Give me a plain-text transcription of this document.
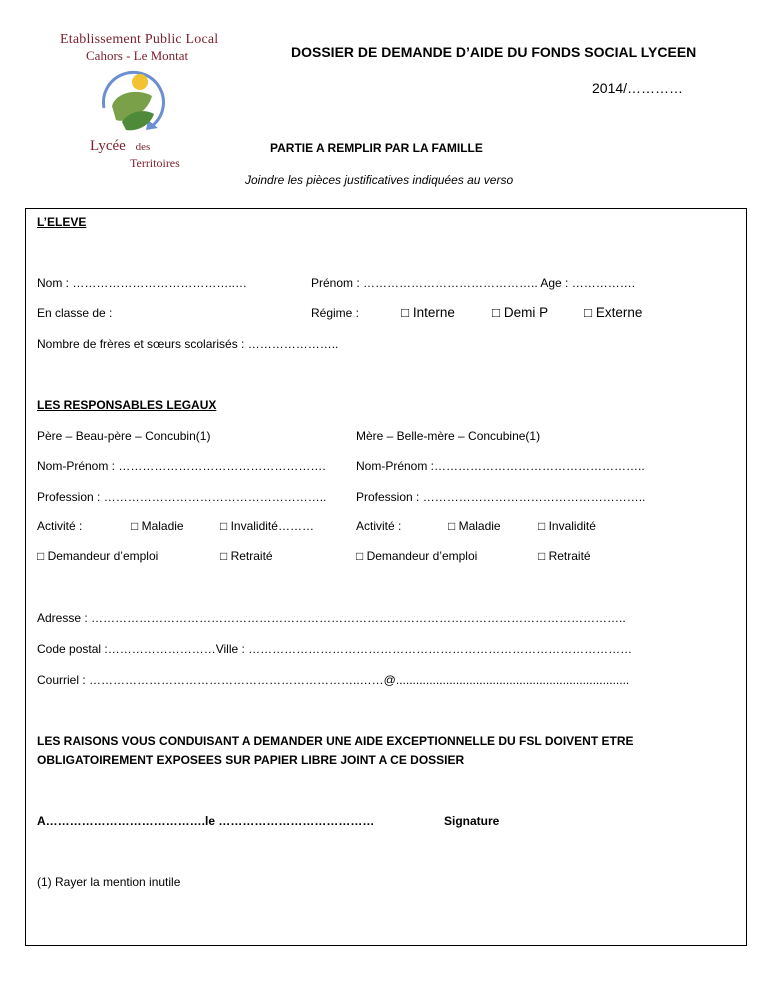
Etablissement Public Local
Cahors - Le Montat
Lycée des
Territoires
DOSSIER DE DEMANDE D’AIDE DU FONDS SOCIAL LYCEEN
2014/…………
PARTIE A REMPLIR PAR LA FAMILLE
Joindre les pièces justificatives indiquées au verso
L’ELEVE
Nom : …………………………………..…	Prénom : …………………………………….. Age : …………….
En classe de :	Régime :	□ Interne	□ Demi P	□ Externe
Nombre de frères et sœurs scolarisés : …………………..
LES RESPONSABLES LEGAUX
Père – Beau-père – Concubin(1)	Mère – Belle-mère – Concubine(1)
Nom-Prénom : …………………………………………….	Nom-Prénom :……………………………………………..
Profession : ……………………………………………….. Profession : ………………………………………………..
Activité :	□ Maladie	□ Invalidité………	Activité :	□ Maladie	□ Invalidité
□ Demandeur d’emploi	□ Retraité	□ Demandeur d’emploi	□ Retraité
Adresse : ……………………………………………………………………………………………………………………..
Code postal :………………………Ville : ……………………………………………………………………………………
Courriel : …………………………………………………………..……@......................................................................
LES RAISONS VOUS CONDUISANT A DEMANDER UNE AIDE EXCEPTIONNELLE DU FSL DOIVENT ETRE
OBLIGATOIREMENT EXPOSEES SUR PAPIER LIBRE JOINT A CE DOSSIER
A………………………………….le …………………………………	Signature
(1) Rayer la mention inutile
